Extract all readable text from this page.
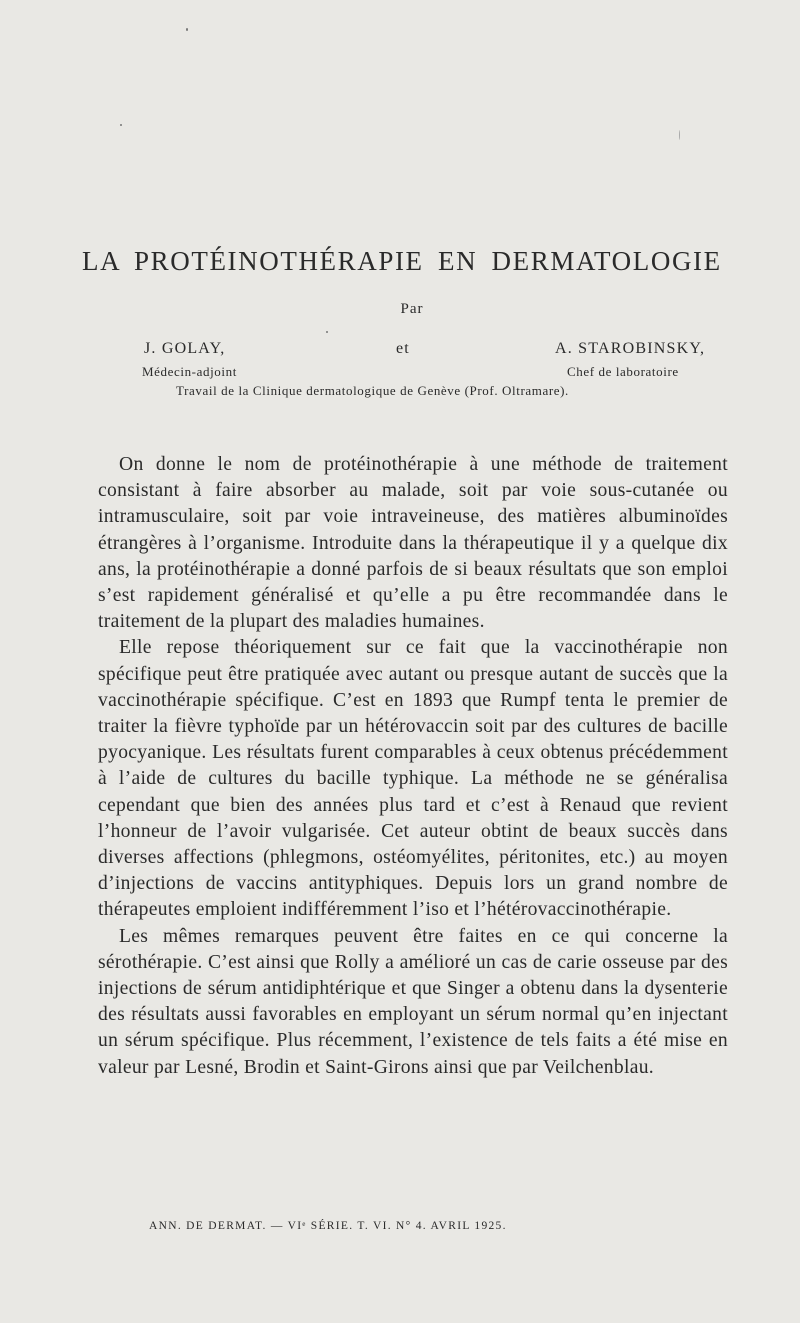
LA PROTÉINOTHÉRAPIE EN DERMATOLOGIE
Par
J. GOLAY,	et	A. STAROBINSKY,
Médecin-adjoint	Chef de laboratoire
Travail de la Clinique dermatologique de Genève (Prof. Oltramare).

On donne le nom de protéinothérapie à une méthode de traitement consistant à faire absorber au malade, soit par voie sous-cutanée ou intramusculaire, soit par voie intraveineuse, des matières albuminoïdes étrangères à l’organisme. Introduite dans la thérapeutique il y a quelque dix ans, la protéinothérapie a donné parfois de si beaux résultats que son emploi s’est rapidement généralisé et qu’elle a pu être recommandée dans le traitement de la plupart des maladies humaines.

Elle repose théoriquement sur ce fait que la vaccinothérapie non spécifique peut être pratiquée avec autant ou presque autant de succès que la vaccinothérapie spécifique. C’est en 1893 que Rumpf tenta le premier de traiter la fièvre typhoïde par un hétérovaccin soit par des cultures de bacille pyocyanique. Les résultats furent comparables à ceux obtenus précédemment à l’aide de cultures du bacille typhique. La méthode ne se généralisa cependant que bien des années plus tard et c’est à Renaud que revient l’honneur de l’avoir vulgarisée. Cet auteur obtint de beaux succès dans diverses affections (phlegmons, ostéomyélites, péritonites, etc.) au moyen d’injections de vaccins antityphiques. Depuis lors un grand nombre de thérapeutes emploient indifféremment l’iso et l’hétérovaccinothérapie.

Les mêmes remarques peuvent être faites en ce qui concerne la sérothérapie. C’est ainsi que Rolly a amélioré un cas de carie osseuse par des injections de sérum antidiphtérique et que Singer a obtenu dans la dysenterie des résultats aussi favorables en employant un sérum normal qu’en injectant un sérum spécifique. Plus récemment, l’existence de tels faits a été mise en valeur par Lesné, Brodin et Saint-Girons ainsi que par Veilchenblau.

ANN. DE DERMAT. — VIᵉ SÉRIE. T. VI. N° 4. AVRIL 1925.
